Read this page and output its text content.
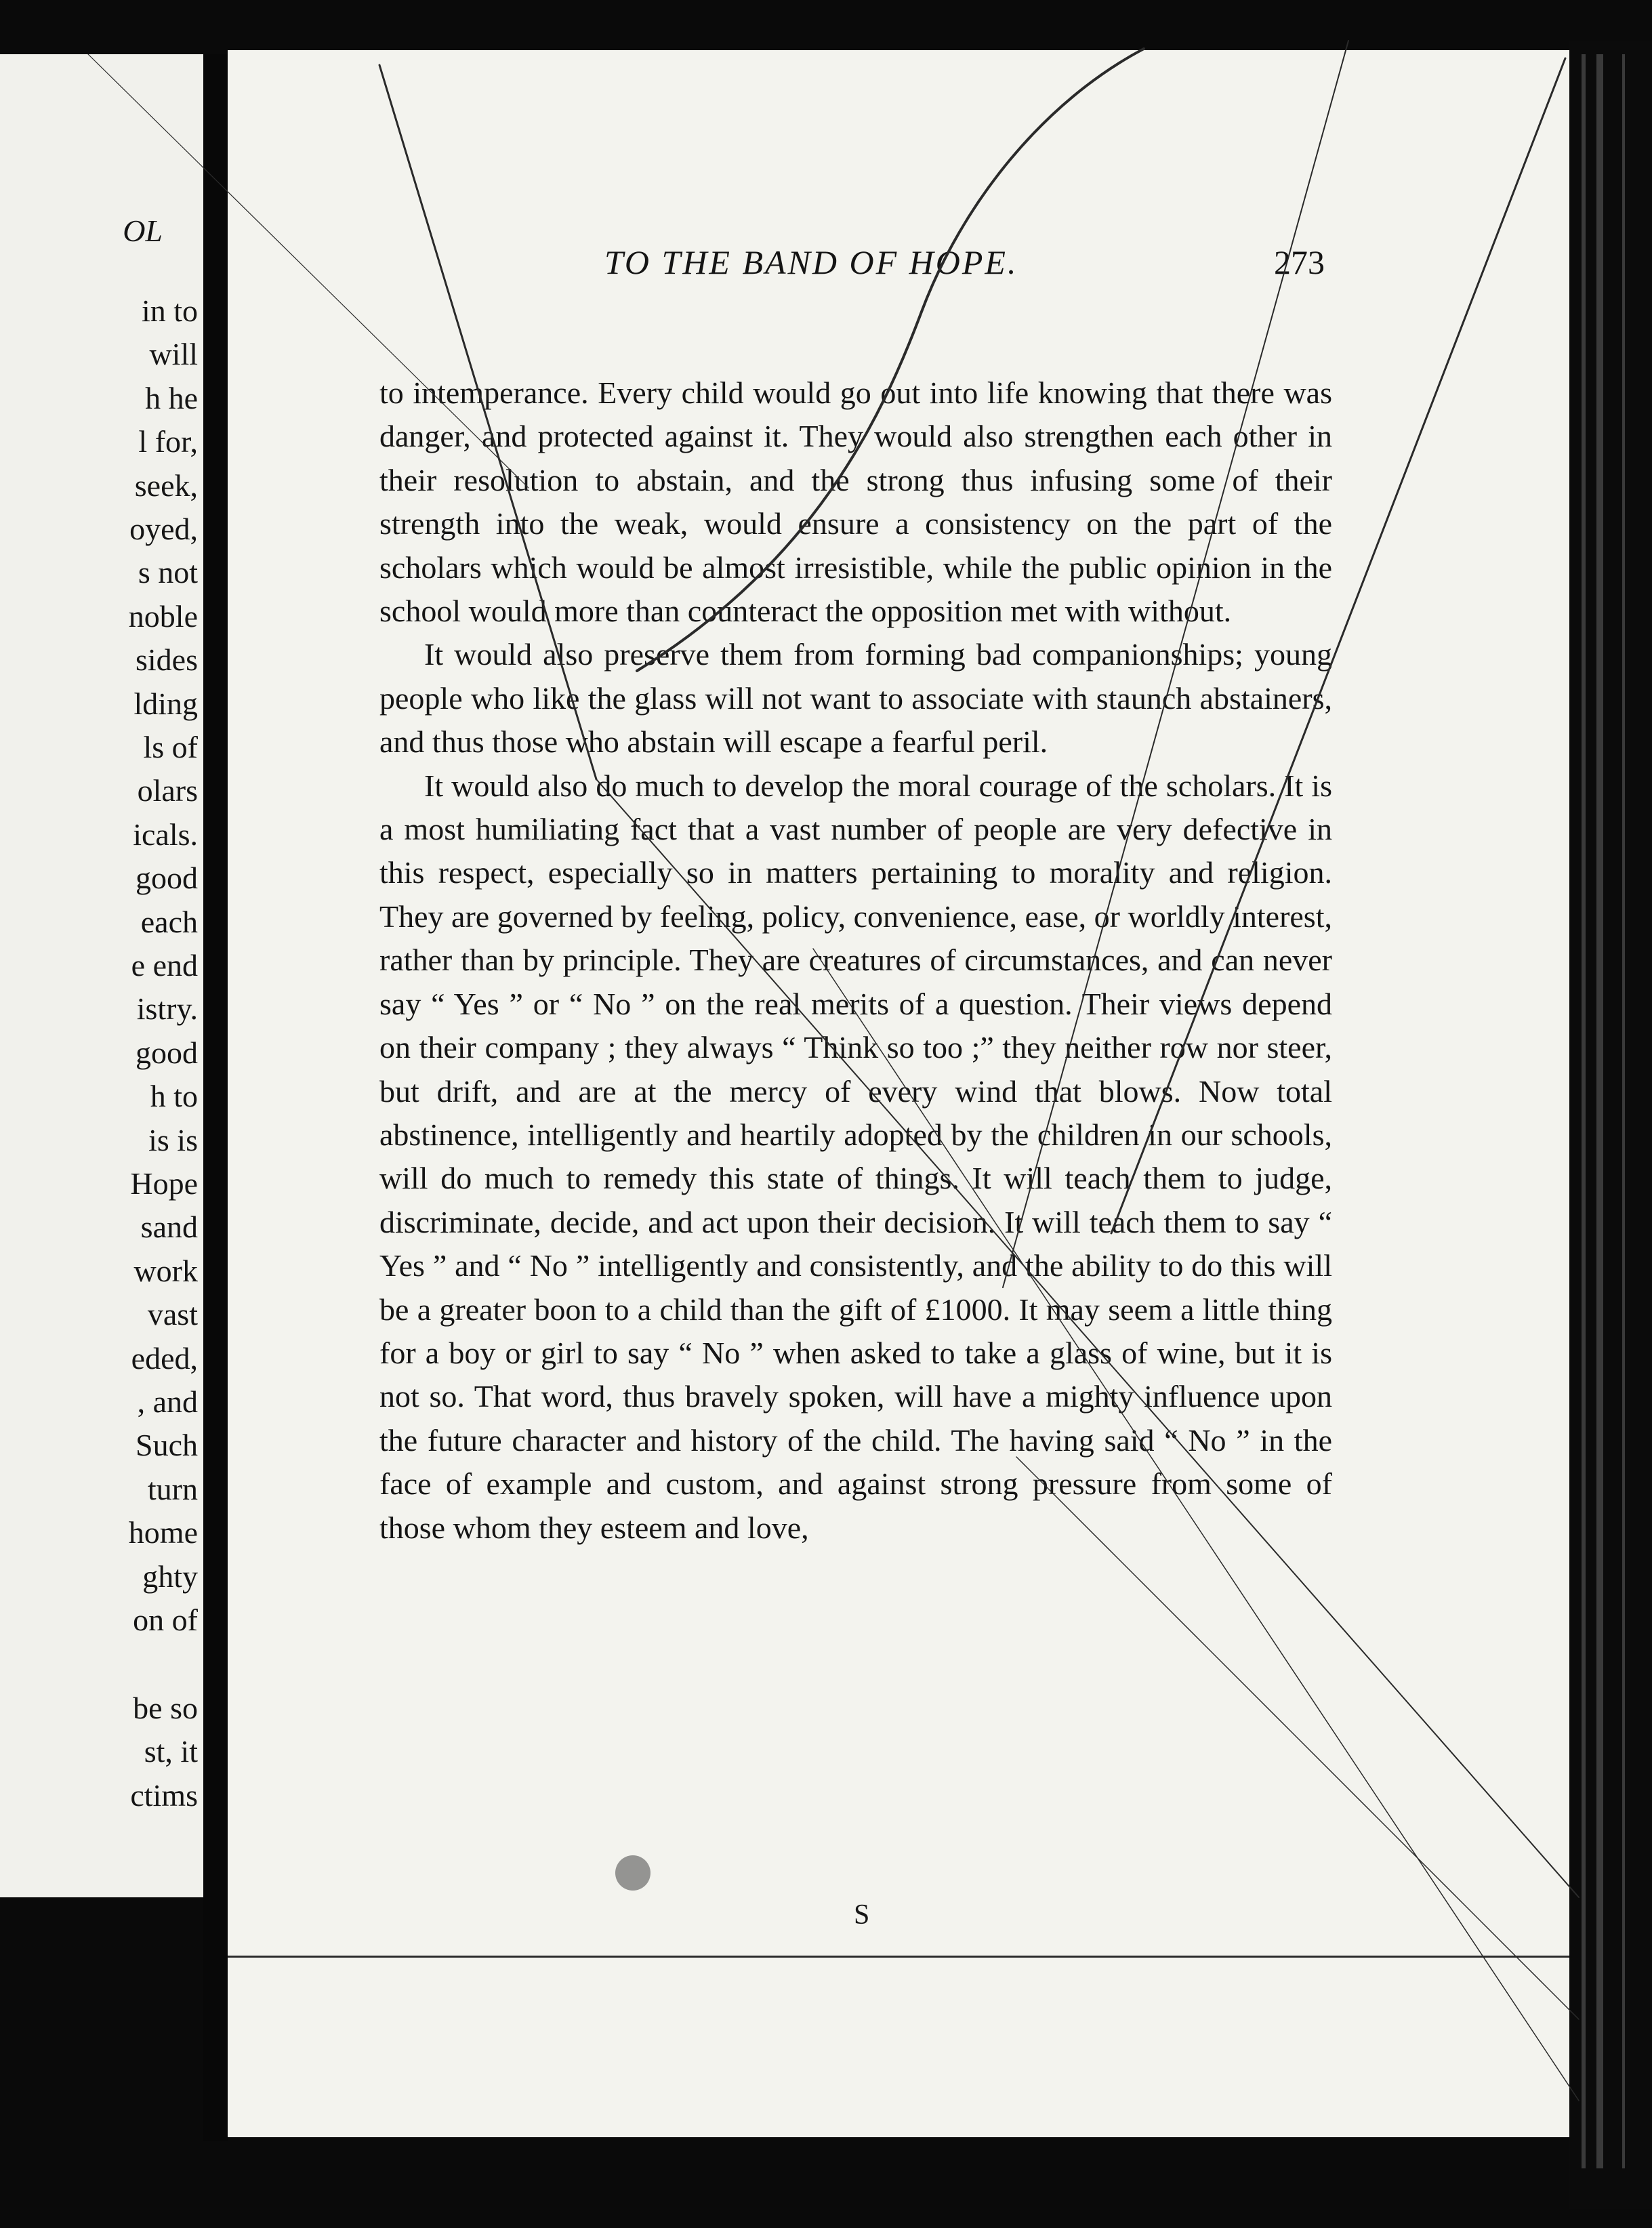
OL
in to
will
h he
l for,
seek,
oyed,
s not
noble
sides
lding
ls of
olars
icals.
good
each
e end
istry.
good
h to
is is
Hope
sand
work
vast
eded,
, and
Such
turn
home
ghty
on of
be so
st, it
ctims
TO THE BAND OF HOPE.	273

to intemperance. Every child would go out into life knowing that there was danger, and protected against it. They would also strengthen each other in their resolution to abstain, and the strong thus infusing some of their strength into the weak, would ensure a consistency on the part of the scholars which would be almost irresistible, while the public opinion in the school would more than counteract the opposition met with without.

It would also preserve them from forming bad companionships; young people who like the glass will not want to associate with staunch abstainers, and thus those who abstain will escape a fearful peril.

It would also do much to develop the moral courage of the scholars. It is a most humiliating fact that a vast number of people are very defective in this respect, especially so in matters pertaining to morality and religion. They are governed by feeling, policy, convenience, ease, or worldly interest, rather than by principle. They are creatures of circumstances, and can never say “ Yes ” or “ No ” on the real merits of a question. Their views depend on their company ; they always “ Think so too ;” they neither row nor steer, but drift, and are at the mercy of every wind that blows. Now total abstinence, intelligently and heartily adopted by the children in our schools, will do much to remedy this state of things. It will teach them to judge, discriminate, decide, and act upon their decision. It will teach them to say “ Yes ” and “ No ” intelligently and consistently, and the ability to do this will be a greater boon to a child than the gift of £1000. It may seem a little thing for a boy or girl to say “ No ” when asked to take a glass of wine, but it is not so. That word, thus bravely spoken, will have a mighty influence upon the future character and history of the child. The having said “ No ” in the face of example and custom, and against strong pressure from some of those whom they esteem and love,

S
